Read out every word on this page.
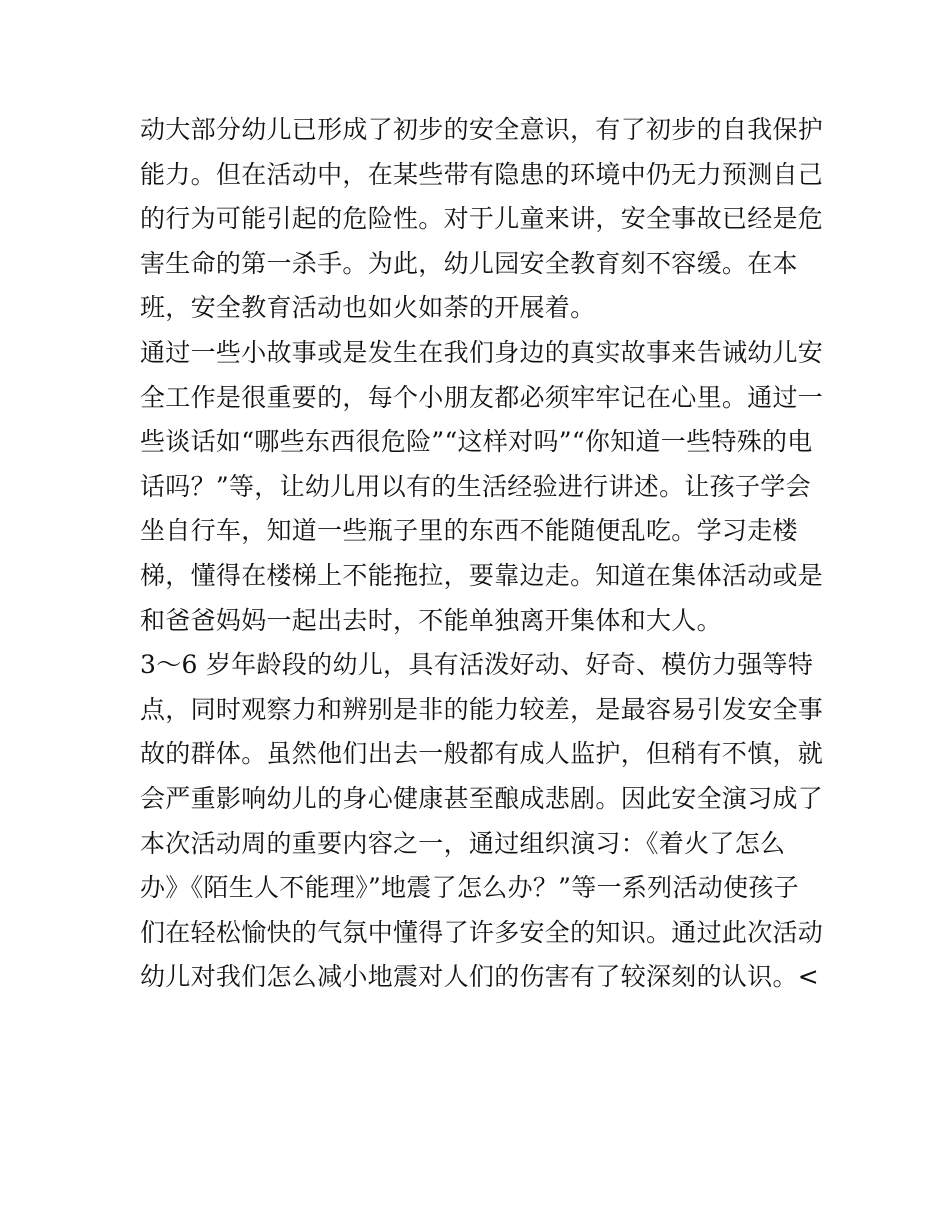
动大部分幼儿已形成了初步的安全意识，有了初步的自我保护
能力。但在活动中，在某些带有隐患的环境中仍无力预测自己
的行为可能引起的危险性。对于儿童来讲，安全事故已经是危
害生命的第一杀手。为此，幼儿园安全教育刻不容缓。在本
班，安全教育活动也如火如荼的开展着。
通过一些小故事或是发生在我们身边的真实故事来告诫幼儿安
全工作是很重要的，每个小朋友都必须牢牢记在心里。通过一
些谈话如“哪些东西很危险”“这样对吗”“你知道一些特殊的电
话吗？”等，让幼儿用以有的生活经验进行讲述。让孩子学会
坐自行车，知道一些瓶子里的东西不能随便乱吃。学习走楼
梯，懂得在楼梯上不能拖拉，要靠边走。知道在集体活动或是
和爸爸妈妈一起出去时，不能单独离开集体和大人。
3～6 岁年龄段的幼儿，具有活泼好动、好奇、模仿力强等特
点，同时观察力和辨别是非的能力较差，是最容易引发安全事
故的群体。虽然他们出去一般都有成人监护，但稍有不慎，就
会严重影响幼儿的身心健康甚至酿成悲剧。因此安全演习成了
本次活动周的重要内容之一，通过组织演习：《着火了怎么
办》《陌生人不能理》”地震了怎么办？”等一系列活动使孩子
们在轻松愉快的气氛中懂得了许多安全的知识。通过此次活动
幼儿对我们怎么减小地震对人们的伤害有了较深刻的认识。<
